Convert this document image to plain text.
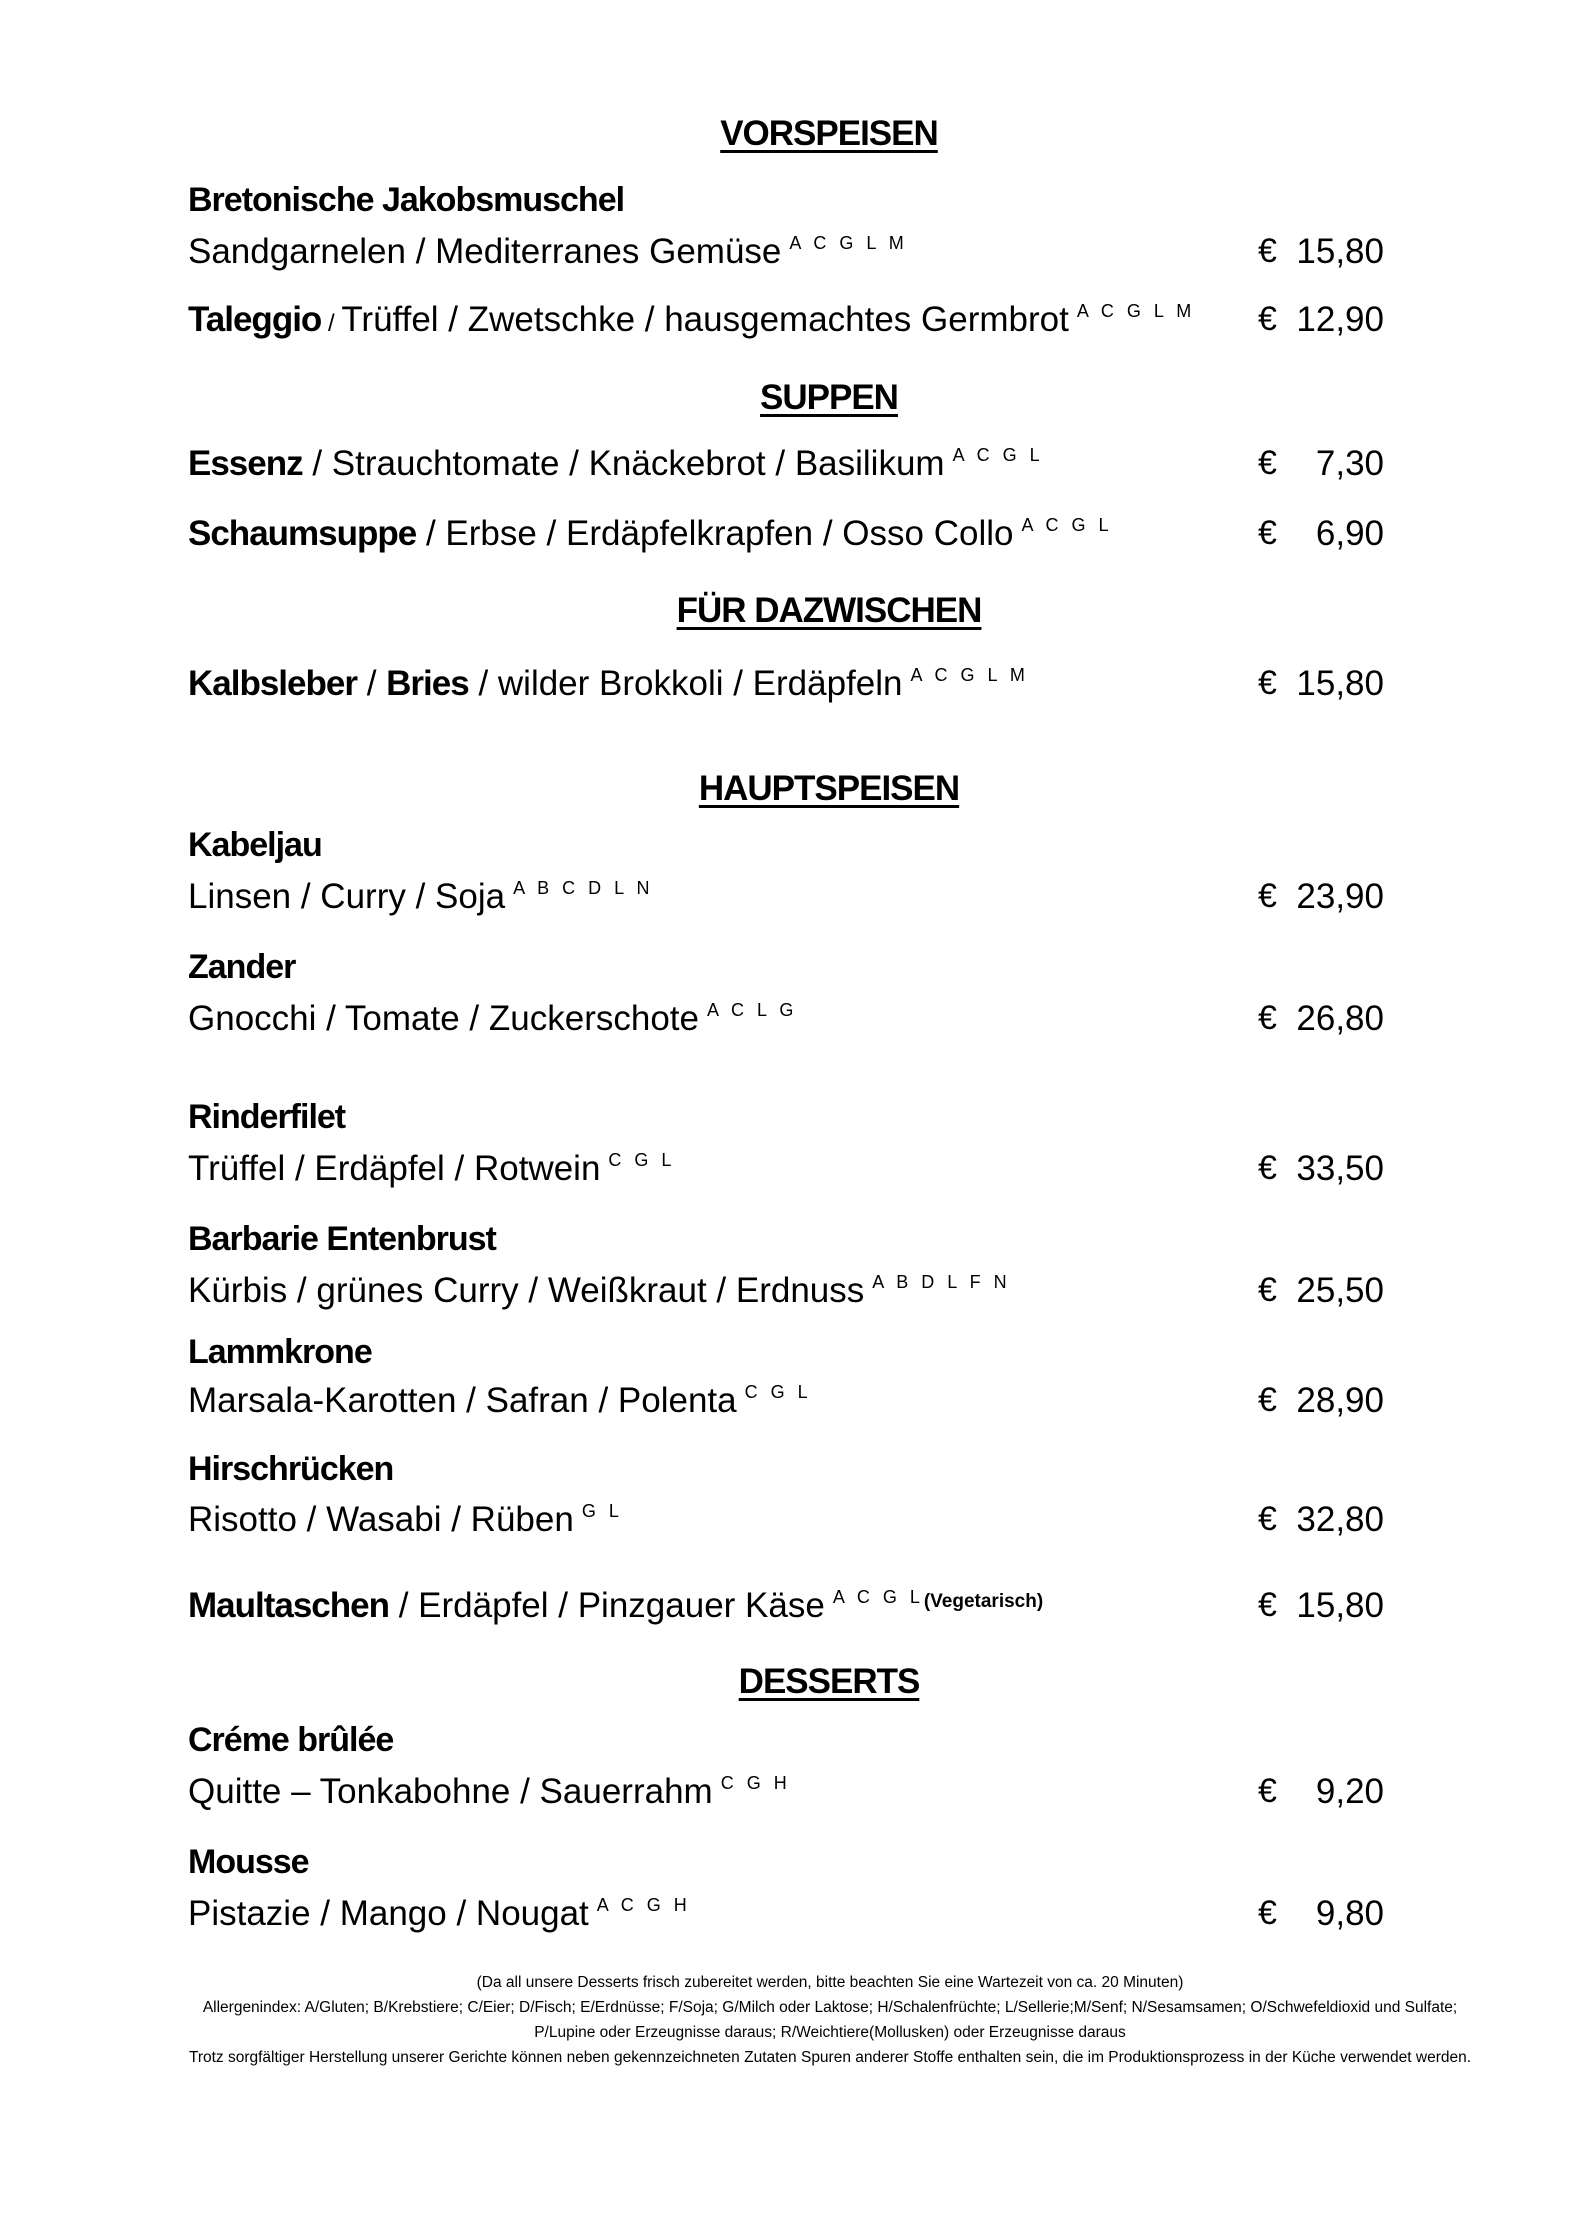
VORSPEISEN
Bretonische Jakobsmuschel
Sandgarnelen / Mediterranes Gemüse $^{A C G L M}$	€ 15,80
Taleggio / Trüffel / Zwetschke / hausgemachtes Germbrot $^{A C G L M}$ € 12,90
SUPPEN
Essenz / Strauchtomate / Knäckebrot / Basilikum $^{A C G L}$	€ 7,30
Schaumsuppe / Erbse / Erdäpfelkrapfen / Osso Collo $^{A C G L}$	€ 6,90
FÜR DAZWISCHEN
Kalbsleber / Bries / wilder Brokkoli / Erdäpfeln $^{A C G L M}$	€ 15,80
HAUPTSPEISEN
Kabeljau
Linsen / Curry / Soja $^{A B C D L N}$	€ 23,90
Zander
Gnocchi / Tomate / Zuckerschote $^{A C L G}$	€ 26,80
Rinderfilet
Trüffel / Erdäpfel / Rotwein $^{C G L}$	€ 33,50
Barbarie Entenbrust
Kürbis / grünes Curry / Weißkraut / Erdnuss $^{A B D L F N}$	€ 25,50
Lammkrone
Marsala-Karotten / Safran / Polenta $^{C G L}$	€ 28,90
Hirschrücken
Risotto / Wasabi / Rüben $^{G L}$	€ 32,80
Maultaschen / Erdäpfel / Pinzgauer Käse $^{A C G L(Vegetarisch)}$	€ 15,80
DESSERTS
Créme brûlée
Quitte – Tonkabohne / Sauerrahm $^{C G H}$	€ 9,20
Mousse
Pistazie / Mango / Nougat $^{A C G H}$	€ 9,80
(Da all unsere Desserts frisch zubereitet werden, bitte beachten Sie eine Wartezeit von ca. 20 Minuten)
Allergenindex: A/Gluten; B/Krebstiere; C/Eier; D/Fisch; E/Erdnüsse; F/Soja; G/Milch oder Laktose; H/Schalenfrüchte; L/Sellerie;M/Senf; N/Sesamsamen; O/Schwefeldioxid und Sulfate;
P/Lupine oder Erzeugnisse daraus; R/Weichtiere(Mollusken) oder Erzeugnisse daraus
Trotz sorgfältiger Herstellung unserer Gerichte können neben gekennzeichneten Zutaten Spuren anderer Stoffe enthalten sein, die im Produktionsprozess in der Küche verwendet werden.
